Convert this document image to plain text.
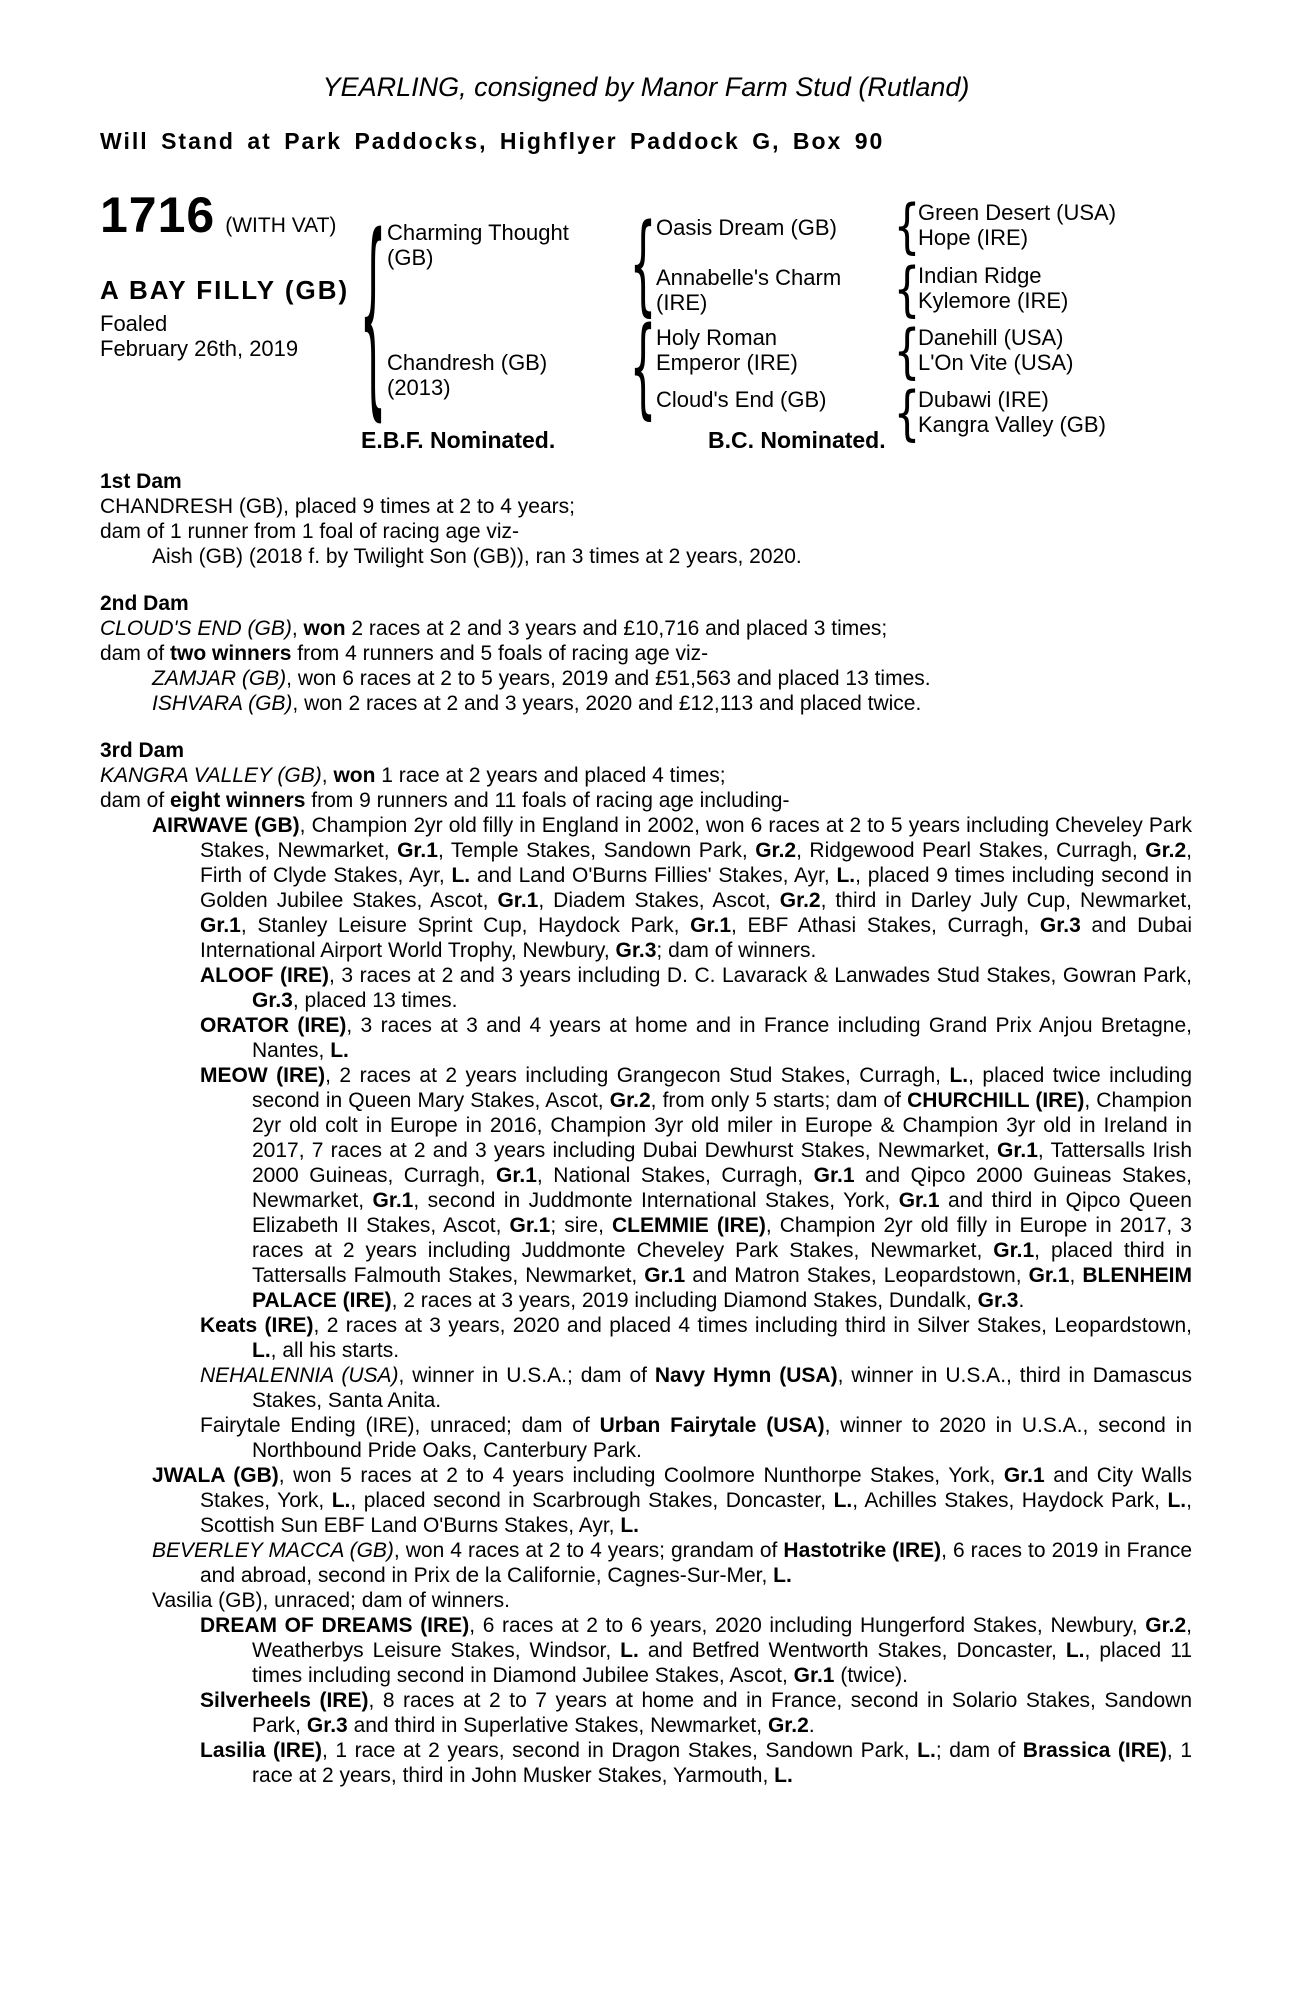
YEARLING, consigned by Manor Farm Stud (Rutland)
Will Stand at Park Paddocks, Highflyer Paddock G, Box 90
1716 (WITH VAT)
A BAY FILLY (GB)
Foaled
February 26th, 2019 {	{
{
{
{
{
{
Charming Thought
(GB)
Chandresh (GB)
(2013)
Oasis Dream (GB)
Annabelle's Charm
(IRE)
Holy Roman
Emperor (IRE)
Cloud's End (GB)
Green Desert (USA)
Hope (IRE)
Indian Ridge
Kylemore (IRE)
Danehill (USA)
L'On Vite (USA)
Dubawi (IRE)
Kangra Valley (GB)
E.B.F. Nominated.	B.C. Nominated.
1st Dam
CHANDRESH (GB), placed 9 times at 2 to 4 years;
dam of 1 runner from 1 foal of racing age viz-
Aish (GB) (2018 f. by Twilight Son (GB)), ran 3 times at 2 years, 2020.
2nd Dam
CLOUD'S END (GB), won 2 races at 2 and 3 years and £10,716 and placed 3 times;
dam of two winners from 4 runners and 5 foals of racing age viz-
ZAMJAR (GB), won 6 races at 2 to 5 years, 2019 and £51,563 and placed 13 times.
ISHVARA (GB), won 2 races at 2 and 3 years, 2020 and £12,113 and placed twice.
3rd Dam
KANGRA VALLEY (GB), won 1 race at 2 years and placed 4 times;
dam of eight winners from 9 runners and 11 foals of racing age including-
AIRWAVE (GB), Champion 2yr old filly in England in 2002, won 6 races at 2 to 5 years including Cheveley Park Stakes, Newmarket, Gr.1, Temple Stakes, Sandown Park, Gr.2, Ridgewood Pearl Stakes, Curragh, Gr.2, Firth of Clyde Stakes, Ayr, L. and Land O'Burns Fillies' Stakes, Ayr, L., placed 9 times including second in Golden Jubilee Stakes, Ascot, Gr.1, Diadem Stakes, Ascot, Gr.2, third in Darley July Cup, Newmarket, Gr.1, Stanley Leisure Sprint Cup, Haydock Park, Gr.1, EBF Athasi Stakes, Curragh, Gr.3 and Dubai International Airport World Trophy, Newbury, Gr.3; dam of winners.
ALOOF (IRE), 3 races at 2 and 3 years including D. C. Lavarack & Lanwades Stud Stakes, Gowran Park, Gr.3, placed 13 times.
ORATOR (IRE), 3 races at 3 and 4 years at home and in France including Grand Prix Anjou Bretagne, Nantes, L.
MEOW (IRE), 2 races at 2 years including Grangecon Stud Stakes, Curragh, L., placed twice including second in Queen Mary Stakes, Ascot, Gr.2, from only 5 starts; dam of CHURCHILL (IRE), Champion 2yr old colt in Europe in 2016, Champion 3yr old miler in Europe & Champion 3yr old in Ireland in 2017, 7 races at 2 and 3 years including Dubai Dewhurst Stakes, Newmarket, Gr.1, Tattersalls Irish 2000 Guineas, Curragh, Gr.1, National Stakes, Curragh, Gr.1 and Qipco 2000 Guineas Stakes, Newmarket, Gr.1, second in Juddmonte International Stakes, York, Gr.1 and third in Qipco Queen Elizabeth II Stakes, Ascot, Gr.1; sire, CLEMMIE (IRE), Champion 2yr old filly in Europe in 2017, 3 races at 2 years including Juddmonte Cheveley Park Stakes, Newmarket, Gr.1, placed third in Tattersalls Falmouth Stakes, Newmarket, Gr.1 and Matron Stakes, Leopardstown, Gr.1, BLENHEIM PALACE (IRE), 2 races at 3 years, 2019 including Diamond Stakes, Dundalk, Gr.3.
Keats (IRE), 2 races at 3 years, 2020 and placed 4 times including third in Silver Stakes, Leopardstown, L., all his starts.
NEHALENNIA (USA), winner in U.S.A.; dam of Navy Hymn (USA), winner in U.S.A., third in Damascus Stakes, Santa Anita.
Fairytale Ending (IRE), unraced; dam of Urban Fairytale (USA), winner to 2020 in U.S.A., second in Northbound Pride Oaks, Canterbury Park.
JWALA (GB), won 5 races at 2 to 4 years including Coolmore Nunthorpe Stakes, York, Gr.1 and City Walls Stakes, York, L., placed second in Scarbrough Stakes, Doncaster, L., Achilles Stakes, Haydock Park, L., Scottish Sun EBF Land O'Burns Stakes, Ayr, L.
BEVERLEY MACCA (GB), won 4 races at 2 to 4 years; grandam of Hastotrike (IRE), 6 races to 2019 in France and abroad, second in Prix de la Californie, Cagnes-Sur-Mer, L.
Vasilia (GB), unraced; dam of winners.
DREAM OF DREAMS (IRE), 6 races at 2 to 6 years, 2020 including Hungerford Stakes, Newbury, Gr.2, Weatherbys Leisure Stakes, Windsor, L. and Betfred Wentworth Stakes, Doncaster, L., placed 11 times including second in Diamond Jubilee Stakes, Ascot, Gr.1 (twice).
Silverheels (IRE), 8 races at 2 to 7 years at home and in France, second in Solario Stakes, Sandown Park, Gr.3 and third in Superlative Stakes, Newmarket, Gr.2.
Lasilia (IRE), 1 race at 2 years, second in Dragon Stakes, Sandown Park, L.; dam of Brassica (IRE), 1 race at 2 years, third in John Musker Stakes, Yarmouth, L.
